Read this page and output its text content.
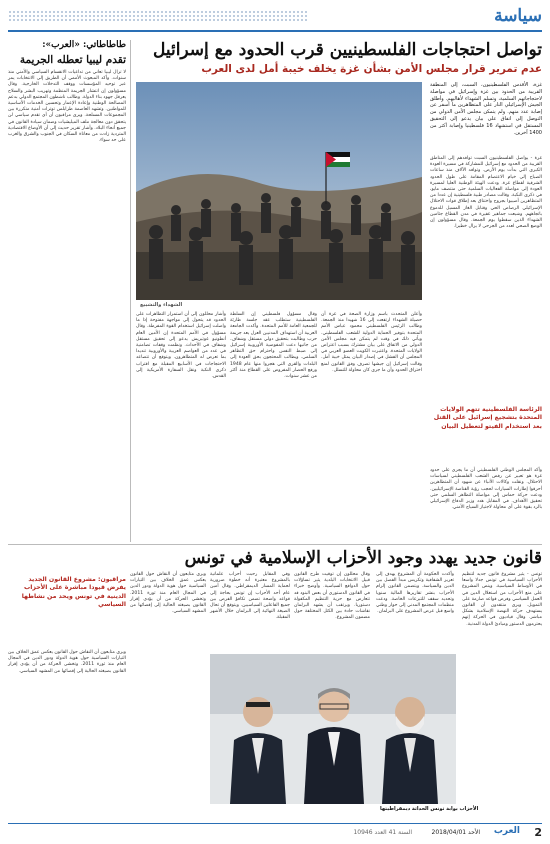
سياسة
طاطاطاتي: «العرب»:
تقدم ليبيا تعطله الجريمة
لا تزال ليبيا تعاني من تداعيات الانقسام السياسي والأمني منذ سنوات. وأكد المبعوث الأممي أن الطريق إلى الانتخابات يمر عبر توحيد المؤسسات ووقف التدخلات الخارجية. وقال مسؤولون إن انتشار الجريمة المنظمة وتهريب البشر والسلاح يعرقل جهود بناء الدولة. وطالب ناشطون المجتمع الدولي بدعم المصالحة الوطنية وإعادة الإعمار وتحسين الخدمات الأساسية للمواطنين. وتشهد العاصمة طرابلس توترات أمنية متكررة بين المجموعات المسلحة. ويرى مراقبون أن أي تقدم سياسي لن يتحقق دون معالجة ملف الميليشيات وضمان سيادة القانون في جميع أنحاء البلاد. وأشار تقرير حديث إلى أن الأوضاع الاقتصادية المتردية زادت من معاناة السكان في الجنوب والشرق والغرب على حد سواء.
تواصل احتجاجات الفلسطينيين قرب الحدود مع إسرائيل
عدم تمرير قرار مجلس الأمن بشأن غزة يخلف خيبة أمل لدى العرب
غزة، الأقدس الفلسطينيون، السبت، إلى المنطقة القريبة من الحدود بين غزة وإسرائيل في مواصلة لاحتجاجاتهم السلمية، وتسلم الشهداء لأهاليهم. وأطلق الجيش الإسرائيلي النار على المتظاهرين ما أسفر عن إصابة عدد منهم. ولم يتمكن مجلس الأمن الدولي من التوصل إلى اتفاق على بيان يدعو إلى التحقيق المستقل في استشهاد 16 فلسطينيا وإصابة أكثر من 1400 آخرين.
غزة - يواصل الفلسطينيون السبت توافدهم إلى المناطق القريبة من الحدود مع إسرائيل للمشاركة في مسيرة العودة الكبرى التي بدأت يوم الأرض. وتوافد الآلاف منذ ساعات الصباح إلى خيام الاعتصام المقامة على طول الحدود الشرقية لقطاع غزة. ودعت الهيئة الوطنية العليا لمسيرة العودة إلى مواصلة الفعاليات السلمية حتى منتصف مايو، في ذكرى النكبة. وقالت مصادر طبية فلسطينية إن عددا من المتظاهرين أصيبوا بجروح واختناق بعد إطلاق قوات الاحتلال الإسرائيلي الرصاص الحي وقنابل الغاز المسيل للدموع باتجاههم. وشيعت جماهير غفيرة في مدن القطاع جثامين الشهداء الذين سقطوا يوم الجمعة. وقال مسؤولون إن الوضع الصحي لعدد من الجرحى لا يزال خطيرا.
الشهداء والتشييع
وأعلن المتحدث باسم وزارة الصحة في غزة أن حصيلة الشهداء ارتفعت إلى 16 شهيدا منذ الجمعة. وطالب الرئيس الفلسطيني محمود عباس الأمم المتحدة بتوفير الحماية الدولية للشعب الفلسطيني. ويأتي ذلك في وقت لم يتمكن فيه مجلس الأمن الدولي من الاتفاق على بيان مشترك بسبب اعتراض الولايات المتحدة. واعتبرت الكويت العضو العربي في المجلس أن الفشل في إصدار البيان يمثل خيبة أمل. وقالت إسرائيل إن جيشها تصرف وفق القانون لمنع اختراق الحدود وأن ما جرى كان محاولة للتسلل.
وقال مسؤول فلسطيني إن السلطة الفلسطينية ستطلب عقد جلسة طارئة للجمعية العامة للأمم المتحدة. وأكدت الجامعة العربية أن استهداف المدنيين العزل يعد جريمة حرب وطالبت بتحقيق دولي مستقل وشفاف. من جانبها دعت المفوضية الأوروبية إسرائيل إلى ضبط النفس واحترام حق التظاهر السلمي. ويطالب المحتجون بحق العودة إلى البلدات والقرى التي هجروا منها عام 1948 ورفع الحصار المفروض على القطاع منذ أكثر من عشر سنوات.
وأشار محللون إلى أن استمرار التظاهرات على الحدود قد يتحول إلى مواجهة مفتوحة إذا ما واصلت إسرائيل استخدام القوة المفرطة. وقال مسؤول في الأمم المتحدة إن الأمين العام أنطونيو غوتيريش يدعو إلى تحقيق مستقل وشفاف في الأحداث. ونظمت وقفات تضامنية في عدد من العواصم العربية والأوروبية تنديدا بما تعرض له المتظاهرون. ويتوقع أن تتصاعد الاحتجاجات في الأسابيع المقبلة مع اقتراب ذكرى النكبة ونقل السفارة الأمريكية إلى القدس.
الرئاسة الفلسطينية تتهم الولايات المتحدة بتشجيع إسرائيل على القتل بعد استخدام الفيتو لتعطيل البيان
وأكد المجلس الوطني الفلسطيني أن ما يجري على حدود غزة هو تعبير عن رفض الشعب الفلسطيني لسياسات الاحتلال. ونقلت وكالات الأنباء عن شهود أن المتظاهرين أحرقوا إطارات السيارات لحجب رؤية القناصة الإسرائيليين. ودعت حركة حماس إلى مواصلة التظاهر السلمي حتى تحقيق الأهداف. في المقابل هدد وزير الدفاع الإسرائيلي بالرد بقوة على أي محاولة لاجتياز السياج الأمني.
قانون جديد يهدد وجود الأحزاب الإسلامية في تونس
تونس - يثير مشروع قانون جديد لتنظيم الأحزاب السياسية في تونس جدلا واسعا في الأوساط السياسية. وينص المشروع على منع الأحزاب من استغلال الدين في العمل السياسي وفرض قواعد صارمة على التمويل. ويرى منتقدون أن القانون يستهدف حركة النهضة الإسلامية بشكل مباشر. وقال قياديون في الحركة إنهم يحترمون الدستور ومبادئ الدولة المدنية.
وأكدت الحكومة أن المشروع يهدف إلى تعزيز الشفافية وتكريس مبدأ الفصل بين الدين والسياسة. ويتضمن القانون إلزام الأحزاب بنشر تقاريرها المالية سنويا وتحديد سقف للتبرعات الخاصة. ودعت منظمات المجتمع المدني إلى حوار وطني واسع قبل عرض المشروع على البرلمان.
وقال محللون إن توقيت طرح القانون قبيل الانتخابات البلدية يثير تساؤلات حول الدوافع السياسية. وأوضح خبراء في القانون الدستوري أن بعض البنود قد تتعارض مع حرية التنظيم المكفولة دستوريا. ويرتقب أن يشهد البرلمان نقاشات حادة بين الكتل المختلفة حول مضمون المشروع.
وفي المقابل رحبت أحزاب علمانية بالمشروع معتبرة أنه خطوة ضرورية لحماية المسار الديمقراطي. وقال أمين عام أحد الأحزاب إن تونس بحاجة إلى قواعد واضحة تضمن تكافؤ الفرص بين جميع الفاعلين السياسيين. ويتوقع أن تحال الصيغة النهائية إلى البرلمان خلال الأشهر المقبلة.
ويرى متابعون أن النقاش حول القانون يعكس عمق الخلاف بين التيارات السياسية حول هوية الدولة ودور الدين في المجال العام منذ ثورة 2011. وتخشى الحركة من أن يؤدي إقرار القانون بصيغته الحالية إلى إقصائها من المشهد السياسي.
الأحزاب بوابة تونس الحداثة ديمقراطيتها
مراقبون: مشروع القانون الجديد يفرض قيودا مباشرة على الأحزاب الدينية في تونس ويحد من نشاطها السياسي
ويرى متابعون أن النقاش حول القانون يعكس عمق الخلاف بين التيارات السياسية حول هوية الدولة ودور الدين في المجال العام منذ ثورة 2011. وتخشى الحركة من أن يؤدي إقرار القانون بصيغته الحالية إلى إقصائها من المشهد السياسي.
2
العرب
الأحد 2018/04/01
السنة 41 العدد 10946
